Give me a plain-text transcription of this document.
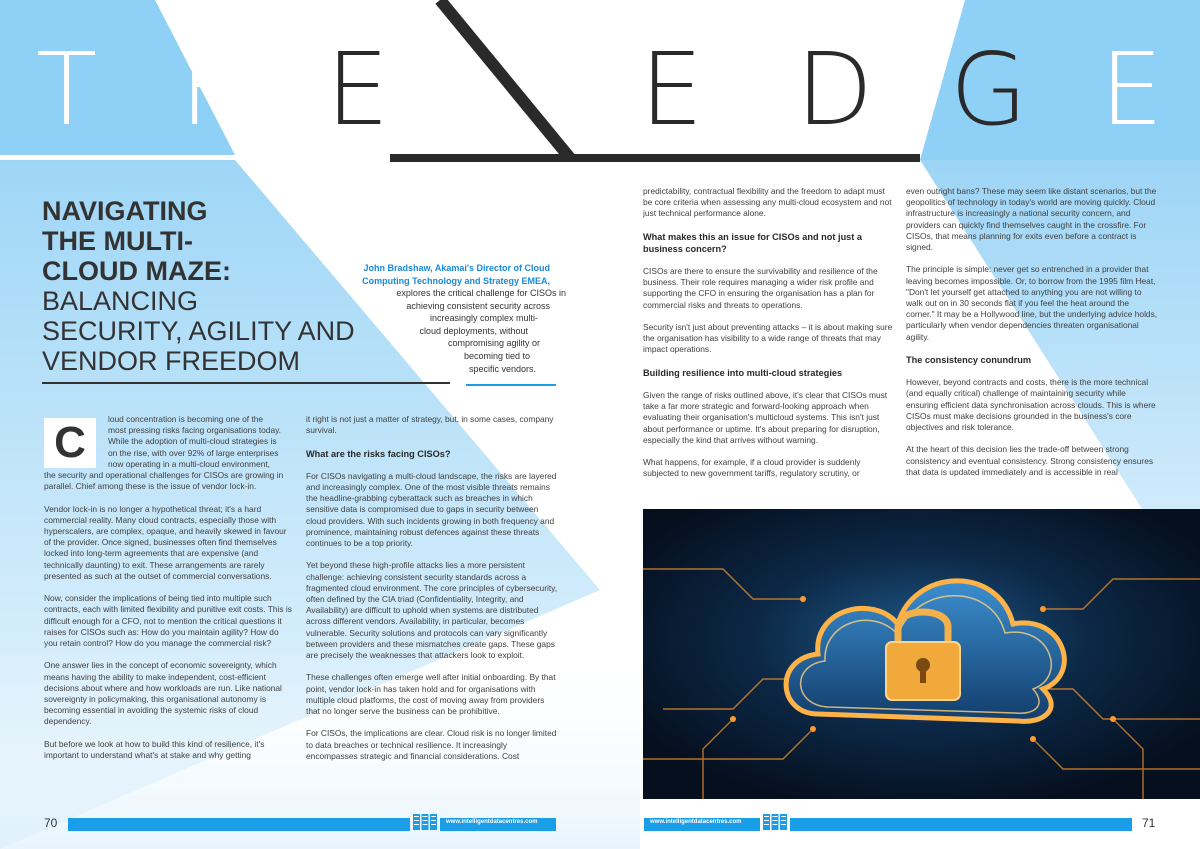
T H E	E D G E
NAVIGATING
THE MULTI-
CLOUD MAZE:
BALANCING
SECURITY, AGILITY AND
VENDOR FREEDOM
John Bradshaw, Akamai's Director of Cloud
Computing Technology and Strategy EMEA,
explores the critical challenge for CISOs in
achieving consistent security across
increasingly complex multi-
cloud deployments, without
compromising agility or
becoming tied to
specific vendors.
C	loud concentration is becoming one of the
most pressing risks facing organisations today.
While the adoption of multi-cloud strategies is
on the rise, with over 92% of large enterprises
now operating in a multi-cloud environment,

the security and operational challenges for CISOs are growing in parallel. Chief among these is the issue of vendor lock-in.

Vendor lock-in is no longer a hypothetical threat; it's a hard commercial reality. Many cloud contracts, especially those with hyperscalers, are complex, opaque, and heavily skewed in favour of the provider. Once signed, businesses often find themselves locked into long-term agreements that are expensive (and technically daunting) to exit. These arrangements are rarely presented as such at the outset of commercial conversations.

Now, consider the implications of being tied into multiple such contracts, each with limited flexibility and punitive exit costs. This is difficult enough for a CFO, not to mention the critical questions it raises for CISOs such as: How do you maintain agility? How do you retain control? How do you manage the commercial risk?

One answer lies in the concept of economic sovereignty, which means having the ability to make independent, cost-efficient decisions about where and how workloads are run. Like national sovereignty in policymaking, this organisational autonomy is becoming essential in avoiding the systemic risks of cloud dependency.

But before we look at how to build this kind of resilience, it's important to understand what's at stake and why getting

it right is not just a matter of strategy, but, in some cases, company survival.

What are the risks facing CISOs?

For CISOs navigating a multi-cloud landscape, the risks are layered and increasingly complex. One of the most visible threats remains the headline-grabbing cyberattack such as breaches in which sensitive data is compromised due to gaps in security between cloud providers. With such incidents growing in both frequency and prominence, maintaining robust defences against these threats continues to be a top priority.

Yet beyond these high-profile attacks lies a more persistent challenge: achieving consistent security standards across a fragmented cloud environment. The core principles of cybersecurity, often defined by the CIA triad (Confidentiality, Integrity, and Availability) are difficult to uphold when systems are distributed across different vendors. Availability, in particular, becomes vulnerable. Security solutions and protocols can vary significantly between providers and these mismatches create gaps. These gaps are precisely the weaknesses that attackers look to exploit.

These challenges often emerge well after initial onboarding. By that point, vendor lock-in has taken hold and for organisations with multiple cloud platforms, the cost of moving away from providers that no longer serve the business can be prohibitive.

For CISOs, the implications are clear. Cloud risk is no longer limited to data breaches or technical resilience. It increasingly encompasses strategic and financial considerations. Cost

predictability, contractual flexibility and the freedom to adapt must be core criteria when assessing any multi-cloud ecosystem and not just technical performance alone.

What makes this an issue for CISOs and not just a business concern?

CISOs are there to ensure the survivability and resilience of the business. Their role requires managing a wider risk profile and supporting the CFO in ensuring the organisation has a plan for commercial risks and threats to operations.

Security isn't just about preventing attacks – it is about making sure the organisation has visibility to a wide range of threats that may impact operations.

Building resilience into multi-cloud strategies

Given the range of risks outlined above, it's clear that CISOs must take a far more strategic and forward-looking approach when evaluating their organisation's multicloud systems. This isn't just about performance or uptime. It's about preparing for disruption, especially the kind that arrives without warning.

What happens, for example, if a cloud provider is suddenly subjected to new government tariffs, regulatory scrutiny, or

even outright bans? These may seem like distant scenarios, but the geopolitics of technology in today's world are moving quickly. Cloud infrastructure is increasingly a national security concern, and providers can quickly find themselves caught in the crossfire. For CISOs, that means planning for exits even before a contract is signed.

The principle is simple: never get so entrenched in a provider that leaving becomes impossible. Or, to borrow from the 1995 film Heat, "Don't let yourself get attached to anything you are not willing to walk out on in 30 seconds flat if you feel the heat around the corner." It may be a Hollywood line, but the underlying advice holds, particularly when vendor dependencies threaten organisational agility.

The consistency conundrum

However, beyond contracts and costs, there is the more technical (and equally critical) challenge of maintaining security while ensuring efficient data synchronisation across clouds. This is where CISOs must make decisions grounded in the business's core objectives and risk tolerance.

At the heart of this decision lies the trade-off between strong consistency and eventual consistency. Strong consistency ensures that data is updated immediately and is accessible in real

70	www.intelligentdatacentres.com	www.intelligentdatacentres.com	71
